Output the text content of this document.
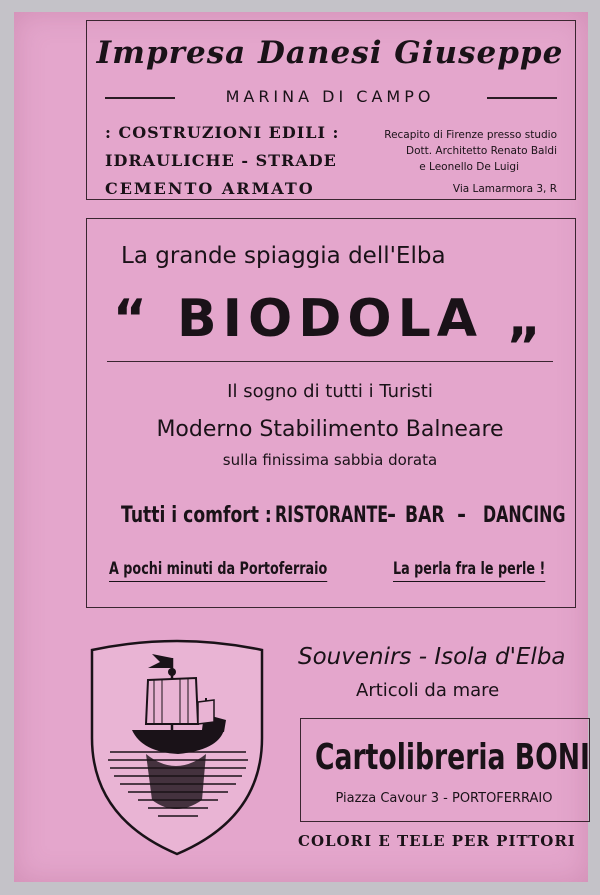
Impresa Danesi Giuseppe
MARINA DI CAMPO
: COSTRUZIONI EDILI :
IDRAULICHE - STRADE
CEMENTO ARMATO
Recapito di Firenze presso studio
Dott. Architetto Renato Baldi
e Leonello De Luigi
Via Lamarmora 3, R
La grande spiaggia dell'Elba
“ BIODOLA „
Il sogno di tutti i Turisti
Moderno Stabilimento Balneare
sulla finissima sabbia dorata
Tutti i comfort : RISTORANTE
- BAR - DANCING
A pochi minuti da Portoferraio	La perla fra le perle !
Souvenirs - Isola d'Elba
Articoli da mare
Cartolibreria BONI
Piazza Cavour 3 - PORTOFERRAIO
COLORI E TELE PER PITTORI
